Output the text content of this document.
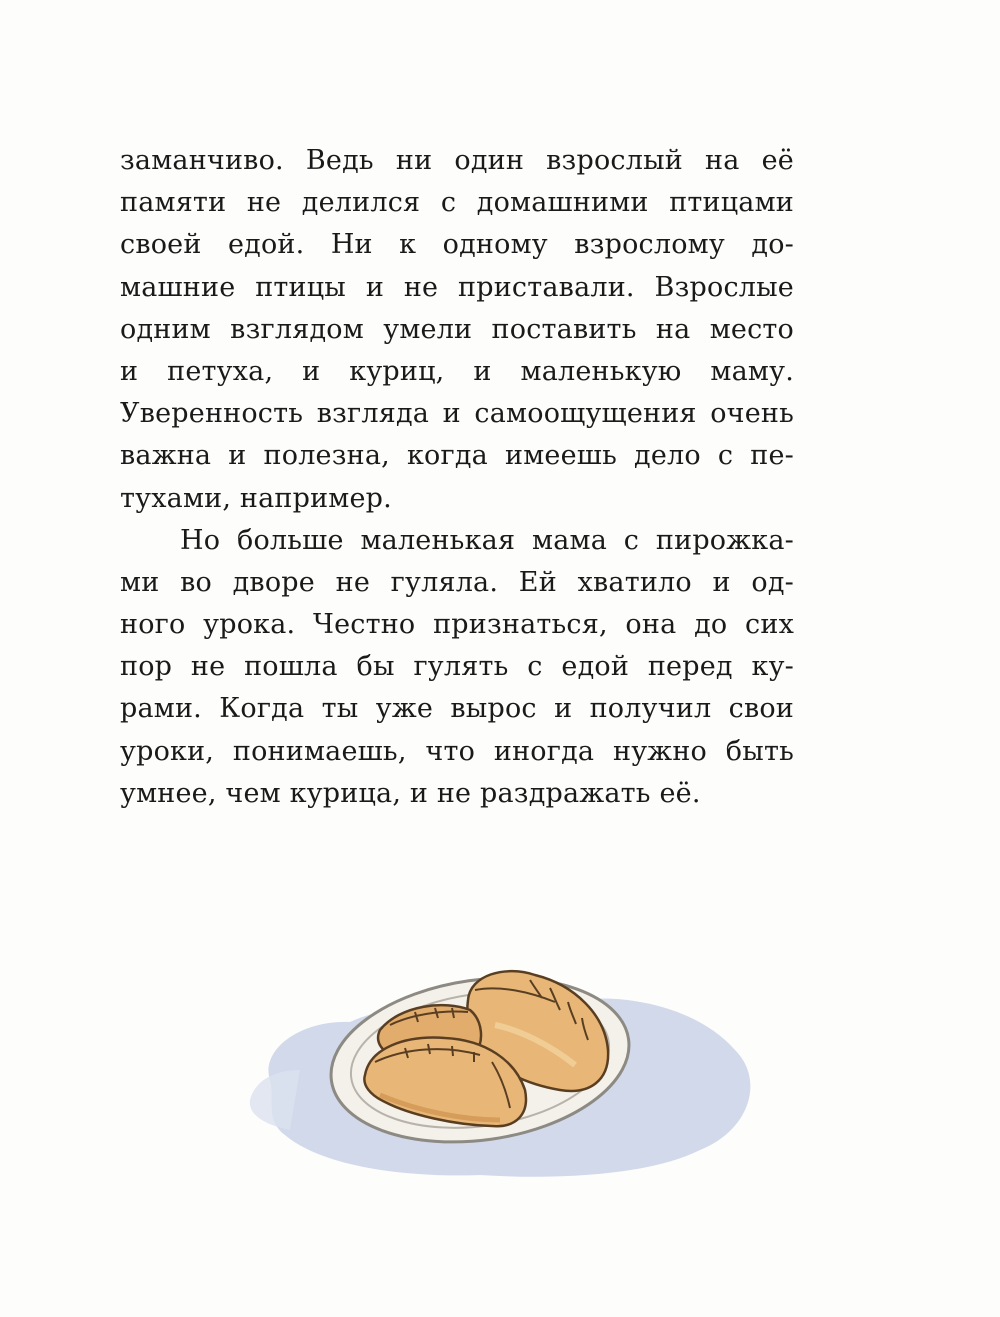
заманчиво. Ведь ни один взрослый на её
памяти не делился с домашними птицами
своей едой. Ни к одному взрослому до-
машние птицы и не приставали. Взрослые
одним взглядом умели поставить на место
и петуха, и куриц, и маленькую маму.
Уверенность взгляда и самоощущения очень
важна и полезна, когда имеешь дело с пе-
тухами, например.
Но больше маленькая мама с пирожка-
ми во дворе не гуляла. Ей хватило и од-
ного урока. Честно признаться, она до сих
пор не пошла бы гулять с едой перед ку-
рами. Когда ты уже вырос и получил свои
уроки, понимаешь, что иногда нужно быть
умнее, чем курица, и не раздражать её.
